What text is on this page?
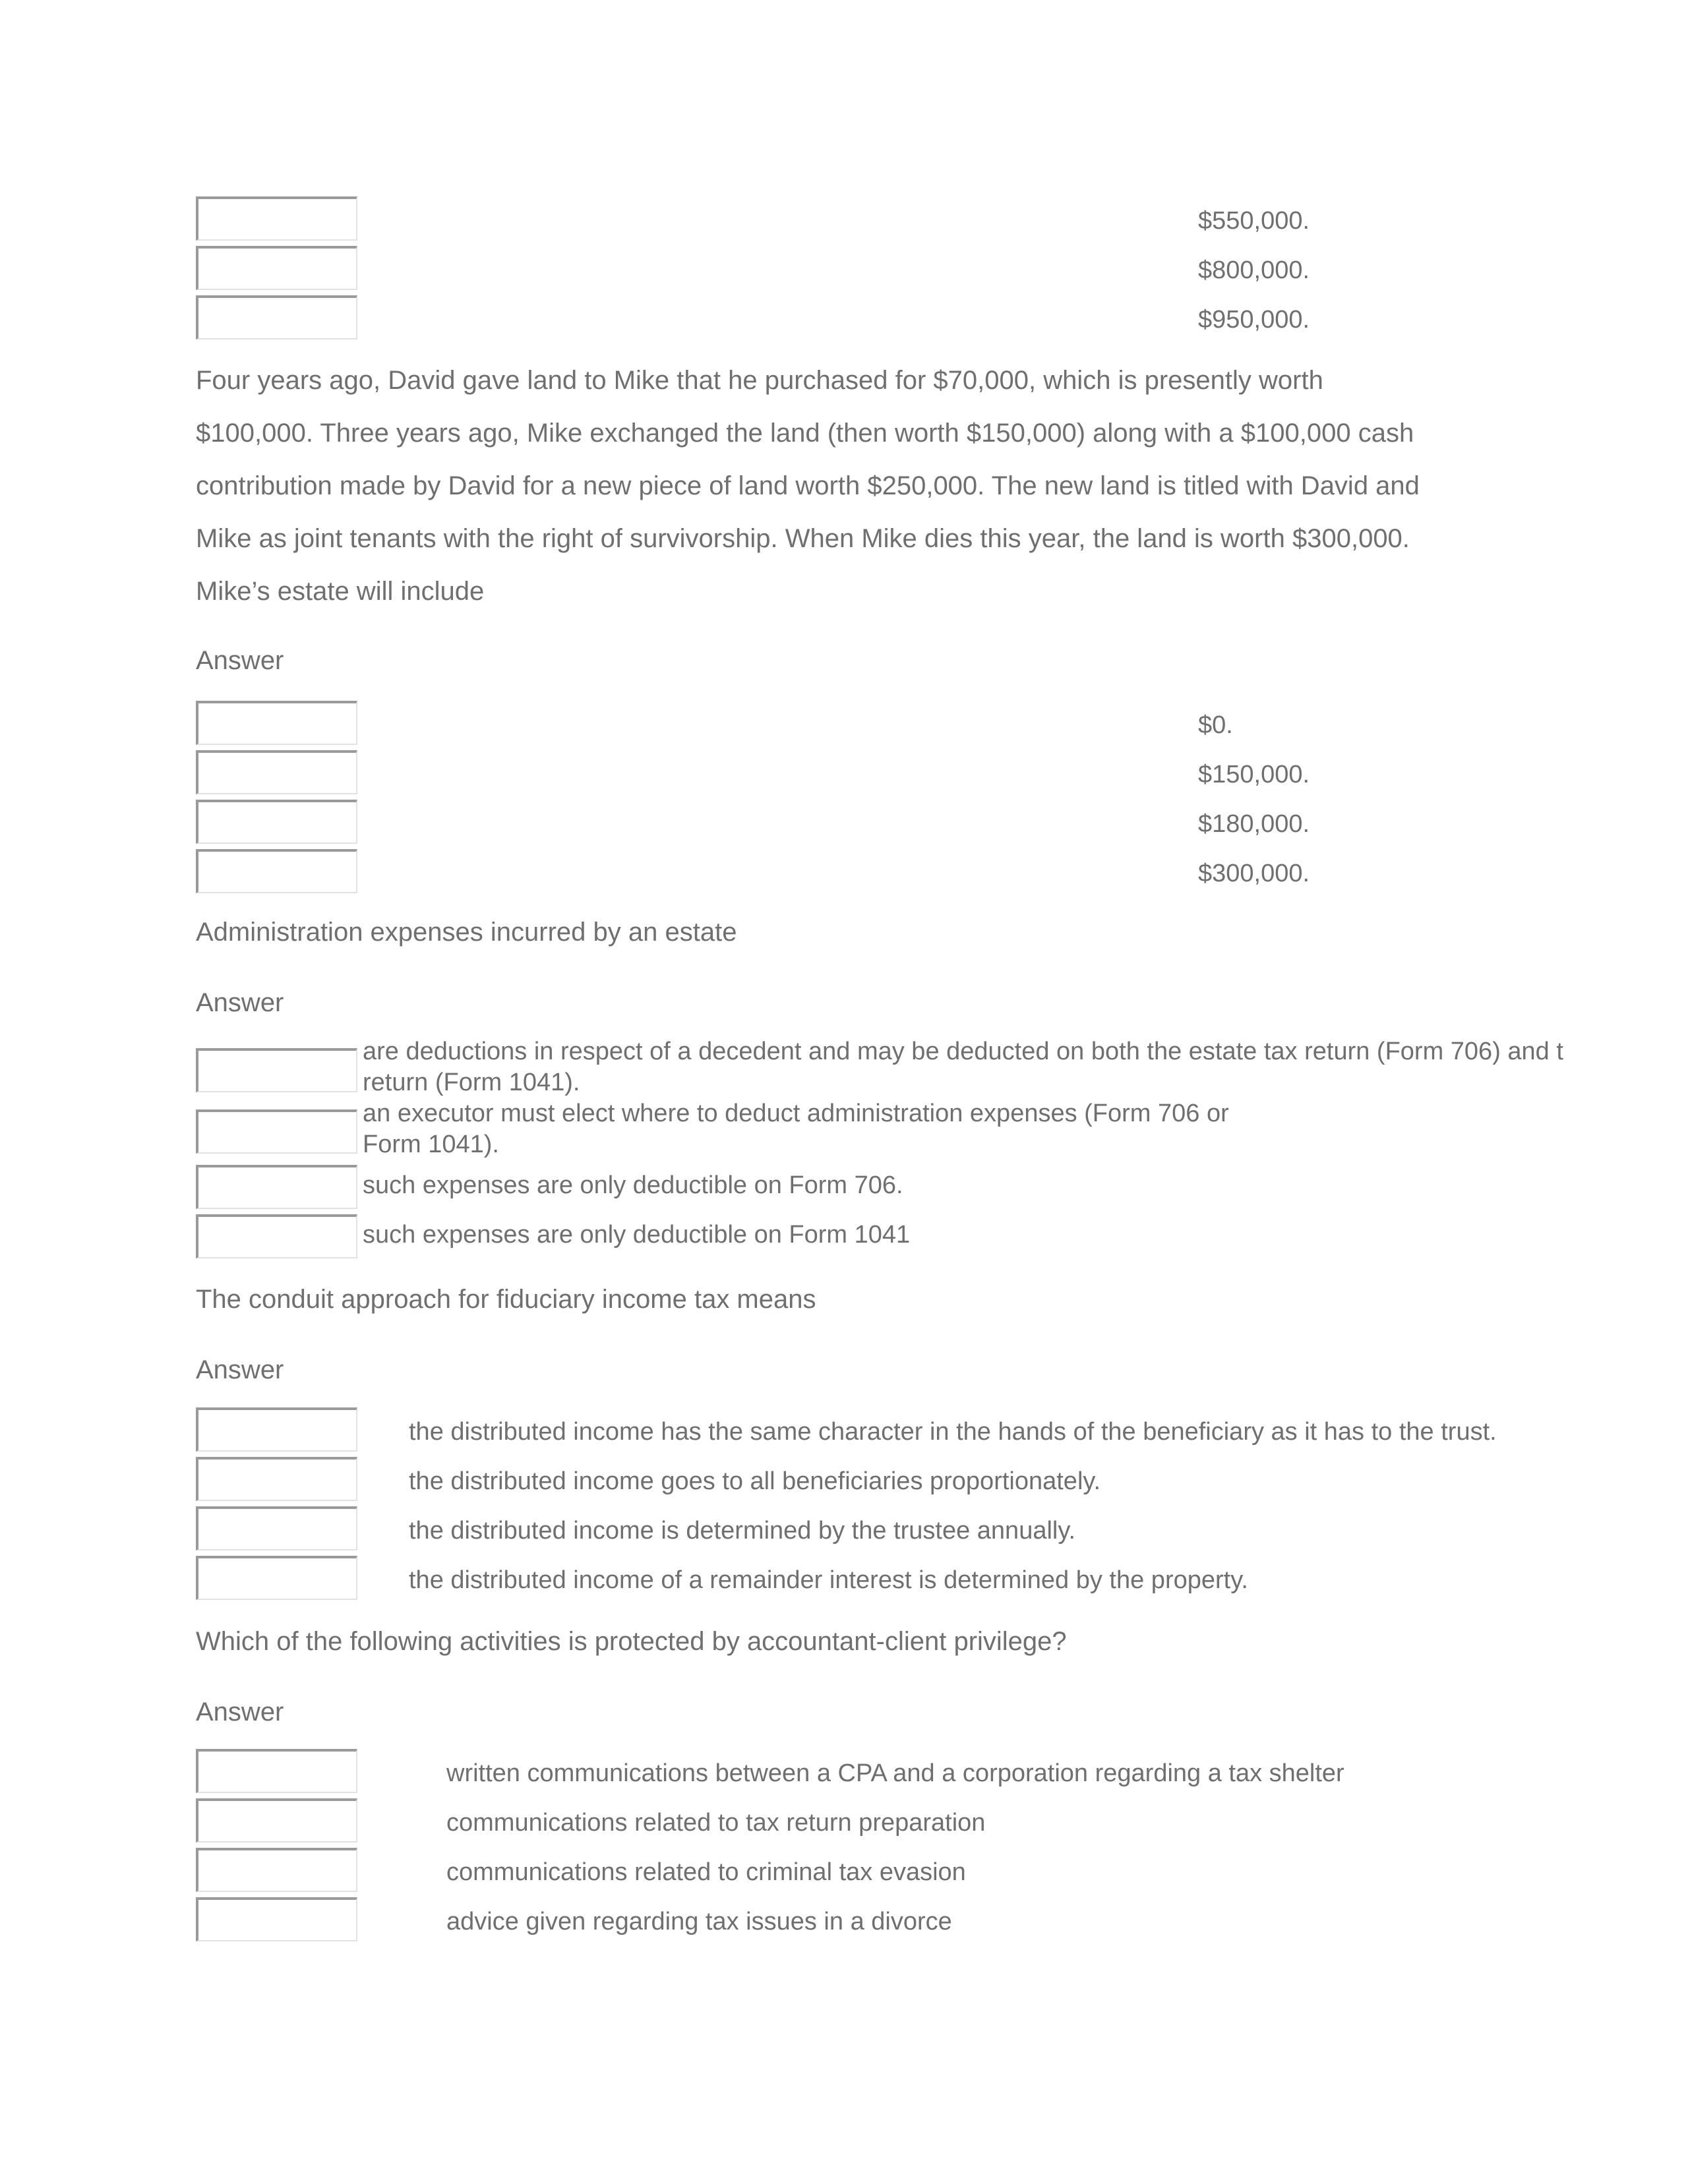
$550,000.
$800,000.
$950,000.
Four years ago, David gave land to Mike that he purchased for $70,000, which is presently worth
$100,000. Three years ago, Mike exchanged the land (then worth $150,000) along with a $100,000 cash
contribution made by David for a new piece of land worth $250,000. The new land is titled with David and
Mike as joint tenants with the right of survivorship. When Mike dies this year, the land is worth $300,000.
Mike’s estate will include
Answer
$0.
$150,000.
$180,000.
$300,000.
Administration expenses incurred by an estate
Answer
are deductions in respect of a decedent and may be deducted on both the estate tax return (Form 706) and t
return (Form 1041).
an executor must elect where to deduct administration expenses (Form 706 or
Form 1041).
such expenses are only deductible on Form 706.
such expenses are only deductible on Form 1041
The conduit approach for fiduciary income tax means
Answer
the distributed income has the same character in the hands of the beneficiary as it has to the trust.
the distributed income goes to all beneficiaries proportionately.
the distributed income is determined by the trustee annually.
the distributed income of a remainder interest is determined by the property.
Which of the following activities is protected by accountant-client privilege?
Answer
written communications between a CPA and a corporation regarding a tax shelter
communications related to tax return preparation
communications related to criminal tax evasion
advice given regarding tax issues in a divorce
